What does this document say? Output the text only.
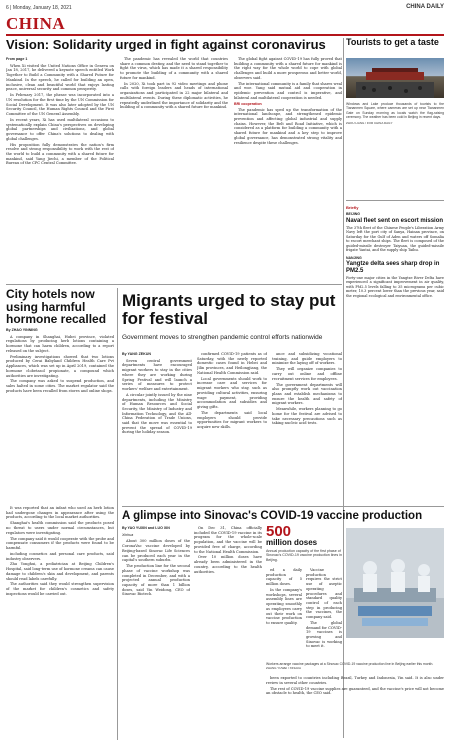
6 | Monday, January 18, 2021	CHINA DAILY
CHINA
Vision: Solidarity urged in fight against coronavirus
From page 1

When Xi visited the United Nations Office in Geneva on Jan 18, 2017, he delivered a keynote speech entitled Work Together to Build a Community with a Shared Future for Mankind. In the speech, he called for building an open, inclusive, clean and beautiful world that enjoys lasting peace, universal security and common prosperity.

In February 2017, the phrase was incorporated into a UN resolution for the first time by the UN Commission for Social Development. It was also later adopted by the UN Security Council, the Human Rights Council and the First Committee of the UN General Assembly.

In recent years, Xi has used multilateral occasions to systematically explain China's perspectives on developing global partnerships and civilizations, and global governance to offer China's solutions to dealing with global challenges.

His proposition fully demonstrates the nation's firm resolve and strong responsibility to work with the rest of the world to build a community with a shared future for mankind, said Yang Jiechi, a member of the Political Bureau of the CPC Central Committee.

The pandemic has revealed the world that countries share a common destiny, and the need to stand together to fight the virus, which has made it a shared responsibility to promote the building of a community with a shared future for mankind.

In 2020, Xi took part in 92 video meetings and phone calls with foreign leaders and heads of international organizations and participated in 22 major bilateral and multilateral events. During these diplomatic activities, he repeatedly underlined the importance of solidarity and the building of a community with a shared future for mankind.

The global fight against COVID-19 has fully proved that building a community with a shared future for mankind is the right way for the whole world to cope with global challenges and build a more prosperous and better world, observers said.

The international community is a family that shares weal and woe. Yang said mutual aid and cooperation in epidemic prevention and control is imperative, and bilateral and multilateral cooperation is needed.

BRI cooperation

The pandemic has sped up the transformation of the international landscape, and strengthened epidemic prevention and affecting global industrial and supply chains. However, the Belt and Road Initiative, which is considered as a platform for building a community with a shared future for mankind and a key step to improve global governance, has demonstrated strong vitality and resilience despite these challenges.

Tourists to get a taste
Windows and Lake produce thousands of tourists to the Tiananmen Square, where cameras are set up near Tiananmen Gate on Sunday morning as locals watch the flag-raising ceremony. The weather has been cold in Beijing in recent days.
ZHOU LIANG / FOR CHINA DAILY
Briefly
BEIJING
Naval fleet sent on escort mission
The 37th fleet of the Chinese People's Liberation Army Navy left the port city of Sanya, Hainan province, on Saturday for the Gulf of Aden and waters off Somalia to escort merchant ships. The fleet is composed of the guided-missile destroyer Taiyuan, the guided-missile frigate Yantai, and the supply ship Taihu.
NANJING
Yangtze delta sees sharp drop in PM2.5
Forty-one major cities in the Yangtze River Delta have experienced a significant improvement in air quality, with PM2.5 levels falling to 35 micrograms per cubic meter, 10.3 percent lower than the previous year, said the regional ecological and environmental office.
City hotels now using harmful hormone recalled
By ZHAO YINNING

A company in Shanghai, Hubei province, violated regulations by producing herb lotions containing a hormone that can harm children, according to a report released on the subject.

Preliminary investigations showed that two lotions produced by Cerai Babyland Children Health Care Pvt Appliances, which was set up in April 2019, contained the hormone clobetasol propionate, a compound which authorities are investigating.

The company was asked to suspend production, and sales halted in some cities. The market regulator said the products have been recalled from stores and online shops.

It was reported that an infant who used an herb lotion had undergone changes in appearance after using the products, according to the local market authorities.

Shanghai's health commission said the products posed no threat to users under normal circumstances, but regulators were investigating.

The company said it would cooperate with the probe and compensate consumers if the products were found to be harmful.

including cosmetics and personal care products, said industry observers.

Zhu Yonghui, a pediatrician at Beijing Children's Hospital, said long-term use of hormone creams can cause damage to children's skin and development, and parents should read labels carefully.

The authorities said they would strengthen supervision of the market for children's cosmetics and safety inspections would be carried out.

Migrants urged to stay put for festival
Government moves to strengthen pandemic control efforts nationwide
By YANG ZEKUN

Seven central government departments have encouraged migrant workers to stay in the cities where they are working during Spring Festival and will launch a series of measures to protect workers' welfare and entertainment.

A circular jointly issued by the nine departments, including the Ministry of Human Resources and Social Security, the Ministry of Industry and Information Technology, and the All-China Federation of Trade Unions, said that the move was essential to prevent the spread of COVID-19 during the holiday season.

confirmed COVID-19 patients as of Saturday, with the newly reported domestic cases found in Hebei and Jilin provinces, and Heilongjiang, the National Health Commission said.

Local governments should work to increase care and services for migrant workers who stay, such as providing cultural activities, ensuring wage payment, providing accommodation and subsidies and giving gifts.

The departments said local employers should provide opportunities for migrant workers to acquire new skills.

ance and subsidizing vocational training, and guide employers to minimize the laying off of workers.

They will organize companies to carry out online and offline recruitment services for employees.

The government departments will also promptly work out vaccination plans and establish mechanisms to ensure the health and safety of migrant workers.

Meanwhile, workers planning to go home for the festival are advised to take necessary precautions such as taking nucleic acid tests.

A glimpse into Sinovac's COVID-19 vaccine production
By YAO YUXIN and LUO XIN
Xinhua

About 300 million doses of the CoronaVac vaccine developed by Beijing-based Sinovac Life Sciences can be produced each year in the capital's southern suburbs.

The production line for the second phase of vaccine workshop was completed in December, and with a projected annual production capacity of more than 1 billion doses, said Yin Weidong, CEO of Sinovac Biotech.

On Dec 31, China officially included the COVID-19 vaccine in its program for the whole-scale population, and the vaccine will be provided free of charge, according to the National Health Commission.

Over 10 million doses have already been administered in the country, according to the health authorities.

500
million doses
Annual production capacity of the first phase of Sinovac's COVID-19 vaccine production lines in Beijing.

ed a daily production capacity of 5 million doses.

In the company's workshops, several assembly lines are operating smoothly as employees carry out their work on vaccine production to ensure quality.

Vaccine production requires the strict use of aseptic operating procedures and standard quality control of each step in producing the vaccines, the company said.

The global demand for COVID-19 vaccines is growing and Sinovac is working to meet it.

Workers arrange vaccine packages at a Sinovac COVID-19 vaccine production line in Beijing earlier this month. ZHANG YUWEI / XINHUA

been exported to countries including Brazil, Turkey and Indonesia, Yin said. It is also under review in several other countries.

The rest of COVID-19 vaccine supplies are guaranteed, and the vaccine's price will not become an obstacle to health, the CEO said.
